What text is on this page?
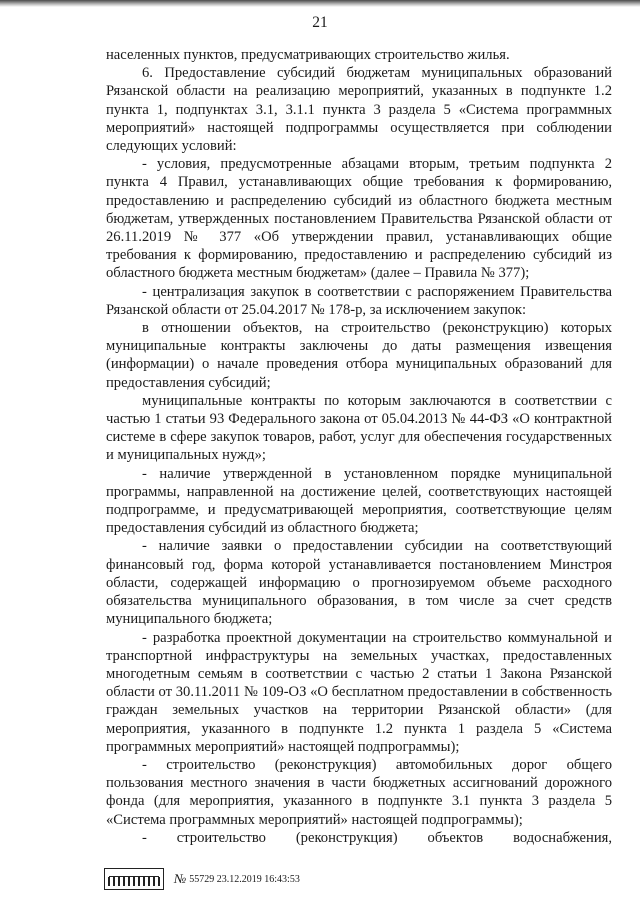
21

населенных пунктов, предусматривающих строительство жилья.

6. Предоставление субсидий бюджетам муниципальных образований Рязанской области на реализацию мероприятий, указанных в подпункте 1.2 пункта 1, подпунктах 3.1, 3.1.1 пункта 3 раздела 5 «Система программных мероприятий» настоящей подпрограммы осуществляется при соблюдении следующих условий:

- условия, предусмотренные абзацами вторым, третьим подпункта 2 пункта 4 Правил, устанавливающих общие требования к формированию, предоставлению и распределению субсидий из областного бюджета местным бюджетам, утвержденных постановлением Правительства Рязанской области от 26.11.2019 № 377 «Об утверждении правил, устанавливающих общие требования к формированию, предоставлению и распределению субсидий из областного бюджета местным бюджетам» (далее – Правила № 377);

- централизация закупок в соответствии с распоряжением Правительства Рязанской области от 25.04.2017 № 178-р, за исключением закупок:

в отношении объектов, на строительство (реконструкцию) которых муниципальные контракты заключены до даты размещения извещения (информации) о начале проведения отбора муниципальных образований для предоставления субсидий;

муниципальные контракты по которым заключаются в соответствии с частью 1 статьи 93 Федерального закона от 05.04.2013 № 44-ФЗ «О контрактной системе в сфере закупок товаров, работ, услуг для обеспечения государственных и муниципальных нужд»;

- наличие утвержденной в установленном порядке муниципальной программы, направленной на достижение целей, соответствующих настоящей подпрограмме, и предусматривающей мероприятия, соответствующие целям предоставления субсидий из областного бюджета;

- наличие заявки о предоставлении субсидии на соответствующий финансовый год, форма которой устанавливается постановлением Минстроя области, содержащей информацию о прогнозируемом объеме расходного обязательства муниципального образования, в том числе за счет средств муниципального бюджета;

- разработка проектной документации на строительство коммунальной и транспортной инфраструктуры на земельных участках, предоставленных многодетным семьям в соответствии с частью 2 статьи 1 Закона Рязанской области от 30.11.2011 № 109-ОЗ «О бесплатном предоставлении в собственность граждан земельных участков на территории Рязанской области» (для мероприятия, указанного в подпункте 1.2 пункта 1 раздела 5 «Система программных мероприятий» настоящей подпрограммы);

- строительство (реконструкция) автомобильных дорог общего пользования местного значения в части бюджетных ассигнований дорожного фонда (для мероприятия, указанного в подпункте 3.1 пункта 3 раздела 5 «Система программных мероприятий» настоящей подпрограммы);

- строительство (реконструкция) объектов водоснабжения,

№ 55729 23.12.2019 16:43:53
